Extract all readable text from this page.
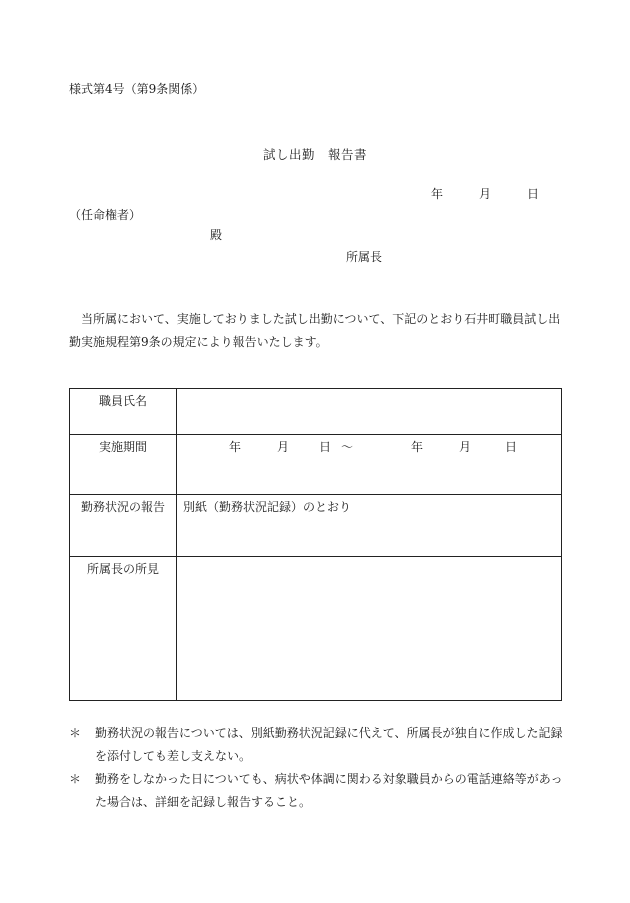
様式第4号（第9条関係）
試し出勤　報告書
年	月	日
（任命権者）
殿
所属長
当所属において、実施しておりました試し出勤について、下記のとおり石井町職員試し出勤実施規程第9条の規定により報告いたします。
職員氏名	
実施期間	年 月 日 ～ 年 月 日

勤務状況の報告	別紙（勤務状況記録）のとおり
所属長の所見	
＊	勤務状況の報告については、別紙勤務状況記録に代えて、所属長が独自に作成した記録を添付しても差し支えない。
＊	勤務をしなかった日についても、病状や体調に関わる対象職員からの電話連絡等があった場合は、詳細を記録し報告すること。
